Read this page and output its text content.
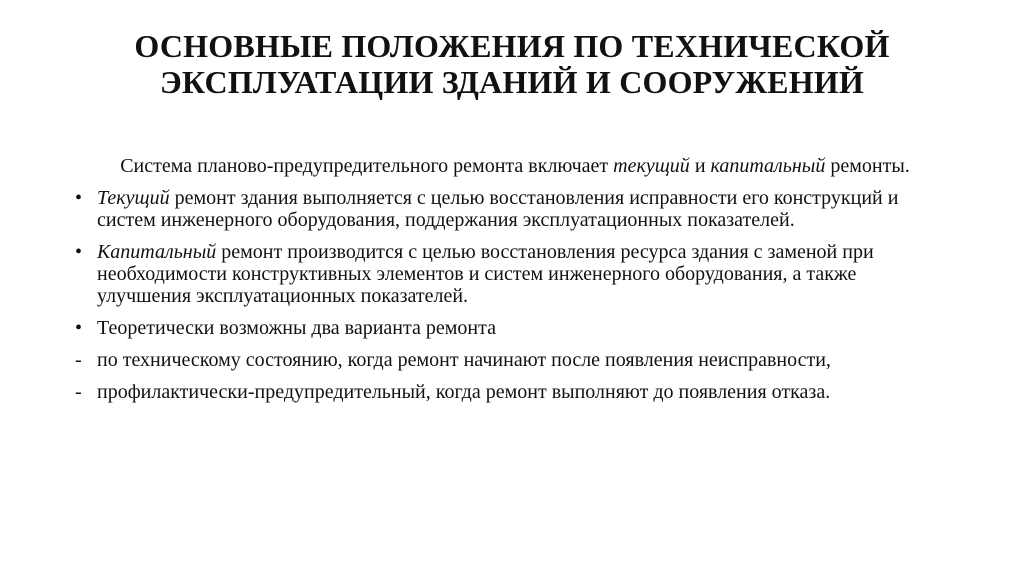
ОСНОВНЫЕ ПОЛОЖЕНИЯ ПО ТЕХНИЧЕСКОЙ
ЭКСПЛУАТАЦИИ ЗДАНИЙ И СООРУЖЕНИЙ

Система планово-предупредительного ремонта включает текущий и капитальный ремонты.

• Текущий ремонт здания выполняется с целью восстановления исправности его конструкций и систем инженерного оборудования, поддержания эксплуатационных показателей.

• Капитальный ремонт производится с целью восстановления ресурса здания с заменой при необходимости конструктивных элементов и систем инженерного оборудования, а также улучшения эксплуатационных показателей.

• Теоретически возможны два варианта ремонта

- по техническому состоянию, когда ремонт начинают после появления неисправности,

- профилактически-предупредительный, когда ремонт выполняют до появления отказа.
